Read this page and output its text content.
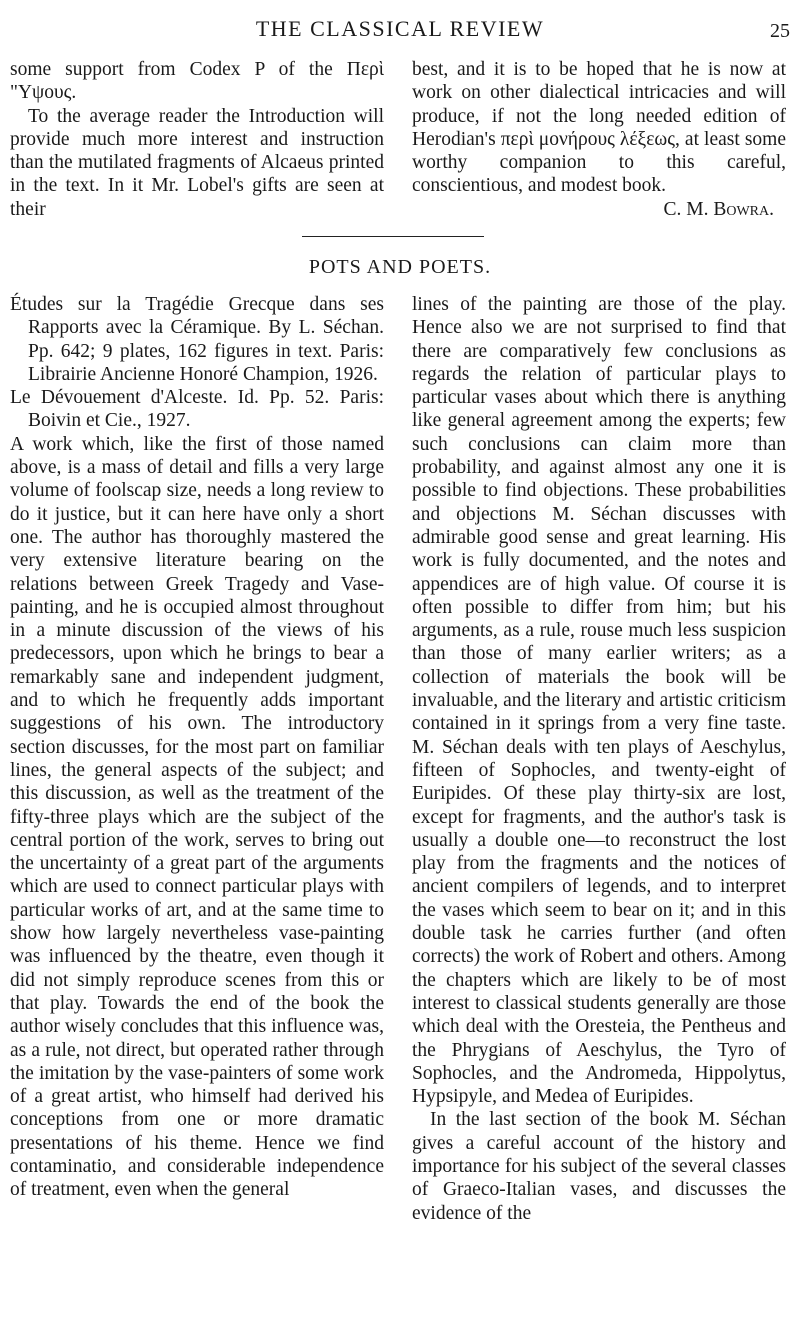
THE CLASSICAL REVIEW	25

some support from Codex P of the Περὶ "Υψους.

To the average reader the Introduction will provide much more interest and instruction than the mutilated fragments of Alcaeus printed in the text. In it Mr. Lobel's gifts are seen at their

best, and it is to be hoped that he is now at work on other dialectical intricacies and will produce, if not the long needed edition of Herodian's περὶ μονήρους λέξεως, at least some worthy companion to this careful, conscientious, and modest book.

C. M. Bowra.

POTS AND POETS.

Études sur la Tragédie Grecque dans ses Rapports avec la Céramique. By L. Séchan. Pp. 642; 9 plates, 162 figures in text. Paris: Librairie Ancienne Honoré Champion, 1926.

Le Dévouement d'Alceste. Id. Pp. 52. Paris: Boivin et Cie., 1927.

A work which, like the first of those named above, is a mass of detail and fills a very large volume of foolscap size, needs a long review to do it justice, but it can here have only a short one. The author has thoroughly mastered the very extensive literature bearing on the relations between Greek Tragedy and Vase-painting, and he is occupied almost throughout in a minute discussion of the views of his predecessors, upon which he brings to bear a remarkably sane and independent judgment, and to which he frequently adds important suggestions of his own. The introductory section discusses, for the most part on familiar lines, the general aspects of the subject; and this discussion, as well as the treatment of the fifty-three plays which are the subject of the central portion of the work, serves to bring out the uncertainty of a great part of the arguments which are used to connect particular plays with particular works of art, and at the same time to show how largely nevertheless vase-painting was influenced by the theatre, even though it did not simply reproduce scenes from this or that play. Towards the end of the book the author wisely concludes that this influence was, as a rule, not direct, but operated rather through the imitation by the vase-painters of some work of a great artist, who himself had derived his conceptions from one or more dramatic presentations of his theme. Hence we find contaminatio, and considerable independence of treatment, even when the general

lines of the painting are those of the play. Hence also we are not surprised to find that there are comparatively few conclusions as regards the relation of particular plays to particular vases about which there is anything like general agreement among the experts; few such conclusions can claim more than probability, and against almost any one it is possible to find objections. These probabilities and objections M. Séchan discusses with admirable good sense and great learning. His work is fully documented, and the notes and appendices are of high value. Of course it is often possible to differ from him; but his arguments, as a rule, rouse much less suspicion than those of many earlier writers; as a collection of materials the book will be invaluable, and the literary and artistic criticism contained in it springs from a very fine taste. M. Séchan deals with ten plays of Aeschylus, fifteen of Sophocles, and twenty-eight of Euripides. Of these play thirty-six are lost, except for fragments, and the author's task is usually a double one—to reconstruct the lost play from the fragments and the notices of ancient compilers of legends, and to interpret the vases which seem to bear on it; and in this double task he carries further (and often corrects) the work of Robert and others. Among the chapters which are likely to be of most interest to classical students generally are those which deal with the Oresteia, the Pentheus and the Phrygians of Aeschylus, the Tyro of Sophocles, and the Andromeda, Hippolytus, Hypsipyle, and Medea of Euripides.

In the last section of the book M. Séchan gives a careful account of the history and importance for his subject of the several classes of Graeco-Italian vases, and discusses the evidence of the
